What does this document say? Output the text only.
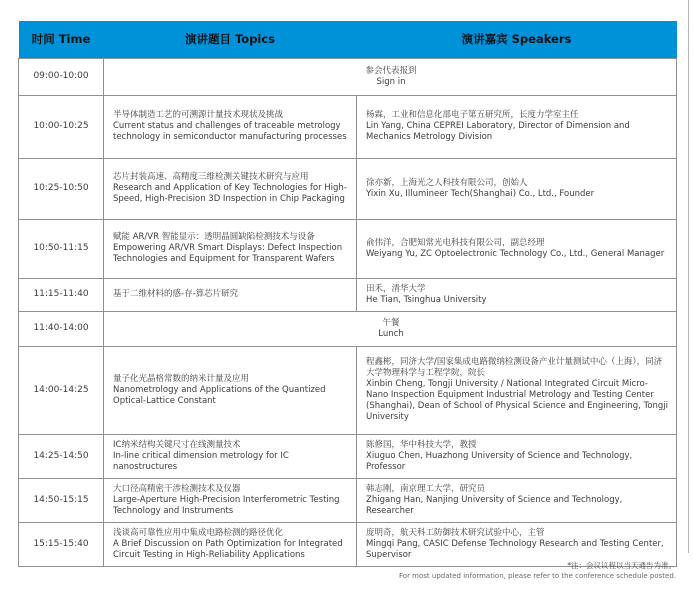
时间 Time	演讲题目 Topics	演讲嘉宾 Speakers
09:00-10:00	参会代表报到
Sign in	

10:00-10:25	半导体制造工艺的可溯源计量技术现状及挑战
Current status and challenges of traceable metrology technology in semiconductor manufacturing processes	杨霖，工业和信息化部电子第五研究所，长度力学室主任
Lin Yang, China CEPREI Laboratory, Director of Dimension and Mechanics Metrology Division

10:25-10:50	芯片封装高速、高精度三维检测关键技术研究与应用
Research and Application of Key Technologies for High-Speed, High-Precision 3D Inspection in Chip Packaging	徐亦新，上海光之人科技有限公司，创始人
Yixin Xu, Illumineer Tech(Shanghai) Co., Ltd., Founder

10:50-11:15	赋能 AR/VR 智能显示：透明晶圆缺陷检测技术与设备
Empowering AR/VR Smart Displays: Defect Inspection Technologies and Equipment for Transparent Wafers	俞伟洋，合肥知常光电科技有限公司，副总经理
Weiyang Yu, ZC Optoelectronic Technology Co., Ltd., General Manager

11:15-11:40	基于二维材料的感-存-算芯片研究	田禾，清华大学
He Tian, Tsinghua University

11:40-14:00	午餐
Lunch	

14:00-14:25	量子化光晶格常数的纳米计量及应用
Nanometrology and Applications of the Quantized Optical-Lattice Constant	程鑫彬，同济大学/国家集成电路微纳检测设备产业计量测试中心（上海），同济大学物理科学与工程学院，院长
Xinbin Cheng, Tongji University / National Integrated Circuit Micro-Nano Inspection Equipment Industrial Metrology and Testing Center (Shanghai), Dean of School of Physical Science and Engineering, Tongji University

14:25-14:50	IC纳米结构关键尺寸在线测量技术
In-line critical dimension metrology for IC nanostructures	陈修国，华中科技大学，教授
Xiuguo Chen, Huazhong University of Science and Technology, Professor

14:50-15:15	大口径高精密干涉检测技术及仪器
Large-Aperture High-Precision Interferometric Testing Technology and Instruments	韩志刚，南京理工大学，研究员
Zhigang Han, Nanjing University of Science and Technology, Researcher

15:15-15:40	浅谈高可靠性应用中集成电路检测的路径优化
A Brief Discussion on Path Optimization for Integrated Circuit Testing in High-Reliability Applications	庞明奇，航天科工防御技术研究试验中心，主管
Mingqi Pang, CASIC Defense Technology Research and Testing Center, Supervisor
*注：会议议程以当天通告为准。
For most updated information, please refer to the conference schedule posted.
